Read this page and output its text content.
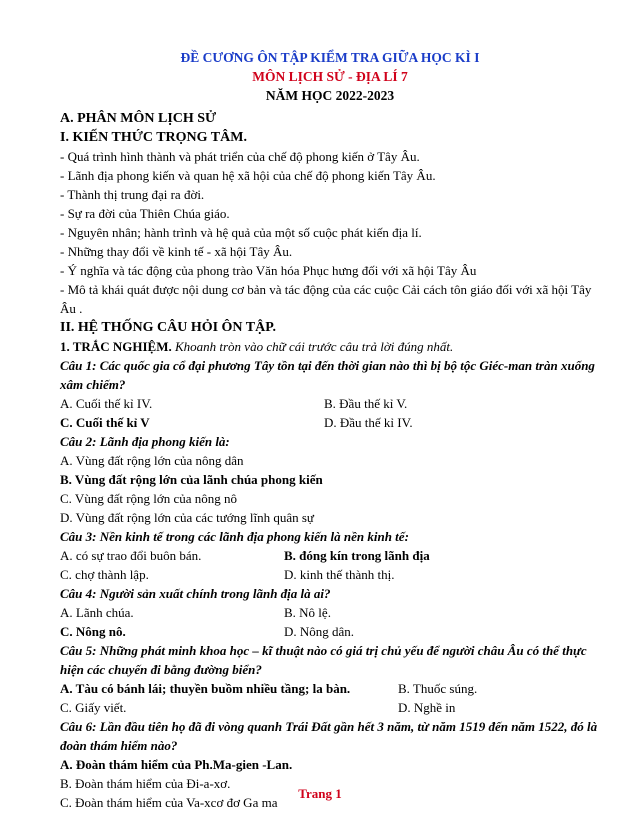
ĐỀ CƯƠNG ÔN TẬP KIỂM TRA GIỮA HỌC KÌ I
MÔN LỊCH SỬ - ĐỊA LÍ 7
NĂM HỌC 2022-2023
A. PHÂN MÔN LỊCH SỬ
I. KIẾN THỨC TRỌNG TÂM.
- Quá trình hình thành và phát triển của chế độ phong kiến ở Tây Âu.
- Lãnh địa phong kiến và quan hệ xã hội của chế độ phong kiến Tây Âu.
- Thành thị trung đại ra đời.
- Sự ra đời của Thiên Chúa giáo.
- Nguyên nhân; hành trình và hệ quả của một số cuộc phát kiến địa lí.
- Những thay đổi về kinh tế - xã hội Tây Âu.
- Ý nghĩa và tác động của phong trào Văn hóa Phục hưng đối với xã hội Tây Âu
- Mô tả khái quát được nội dung cơ bản và tác động của các cuộc Cải cách tôn giáo đối với xã hội Tây Âu .
II. HỆ THỐNG CÂU HỎI ÔN TẬP.
1. TRẮC NGHIỆM. Khoanh tròn vào chữ cái trước câu trả lời đúng nhất.
Câu 1: Các quốc gia cổ đại phương Tây tồn tại đến thời gian nào thì bị bộ tộc Giéc-man tràn xuống xâm chiếm?
A. Cuối thế kỉ IV.	B. Đầu thế kỉ V.
C. Cuối thế kỉ V	D. Đầu thế kỉ IV.
Câu 2: Lãnh địa phong kiến là:
A. Vùng đất rộng lớn của nông dân
B. Vùng đất rộng lớn của lãnh chúa phong kiến
C. Vùng đất rộng lớn của nông nô
D. Vùng đất rộng lớn của các tướng lĩnh quân sự
Câu 3: Nền kinh tế trong các lãnh địa phong kiến là nền kinh tế:
A. có sự trao đổi buôn bán.	B. đóng kín trong lãnh địa
C. chợ thành lập.	D. kinh thế thành thị.
Câu 4: Người sản xuất chính trong lãnh địa là ai?
A. Lãnh chúa.	B. Nô lệ.
C. Nông nô.	D. Nông dân.
Câu 5: Những phát minh khoa học – kĩ thuật nào có giá trị chủ yếu để người châu Âu có thể thực hiện các chuyến đi bằng đường biển?
A. Tàu có bánh lái; thuyền buồm nhiều tầng; la bàn.	B. Thuốc súng.
C. Giấy viết.	D. Nghề in
Câu 6: Lần đầu tiên họ đã đi vòng quanh Trái Đất gần hết 3 năm, từ năm 1519 đến năm 1522, đó là đoàn thám hiểm nào?
A. Đoàn thám hiểm của Ph.Ma-gien -Lan.
B. Đoàn thám hiểm của Đi-a-xơ.
C. Đoàn thám hiểm của Va-xcơ đơ Ga ma
Trang 1
